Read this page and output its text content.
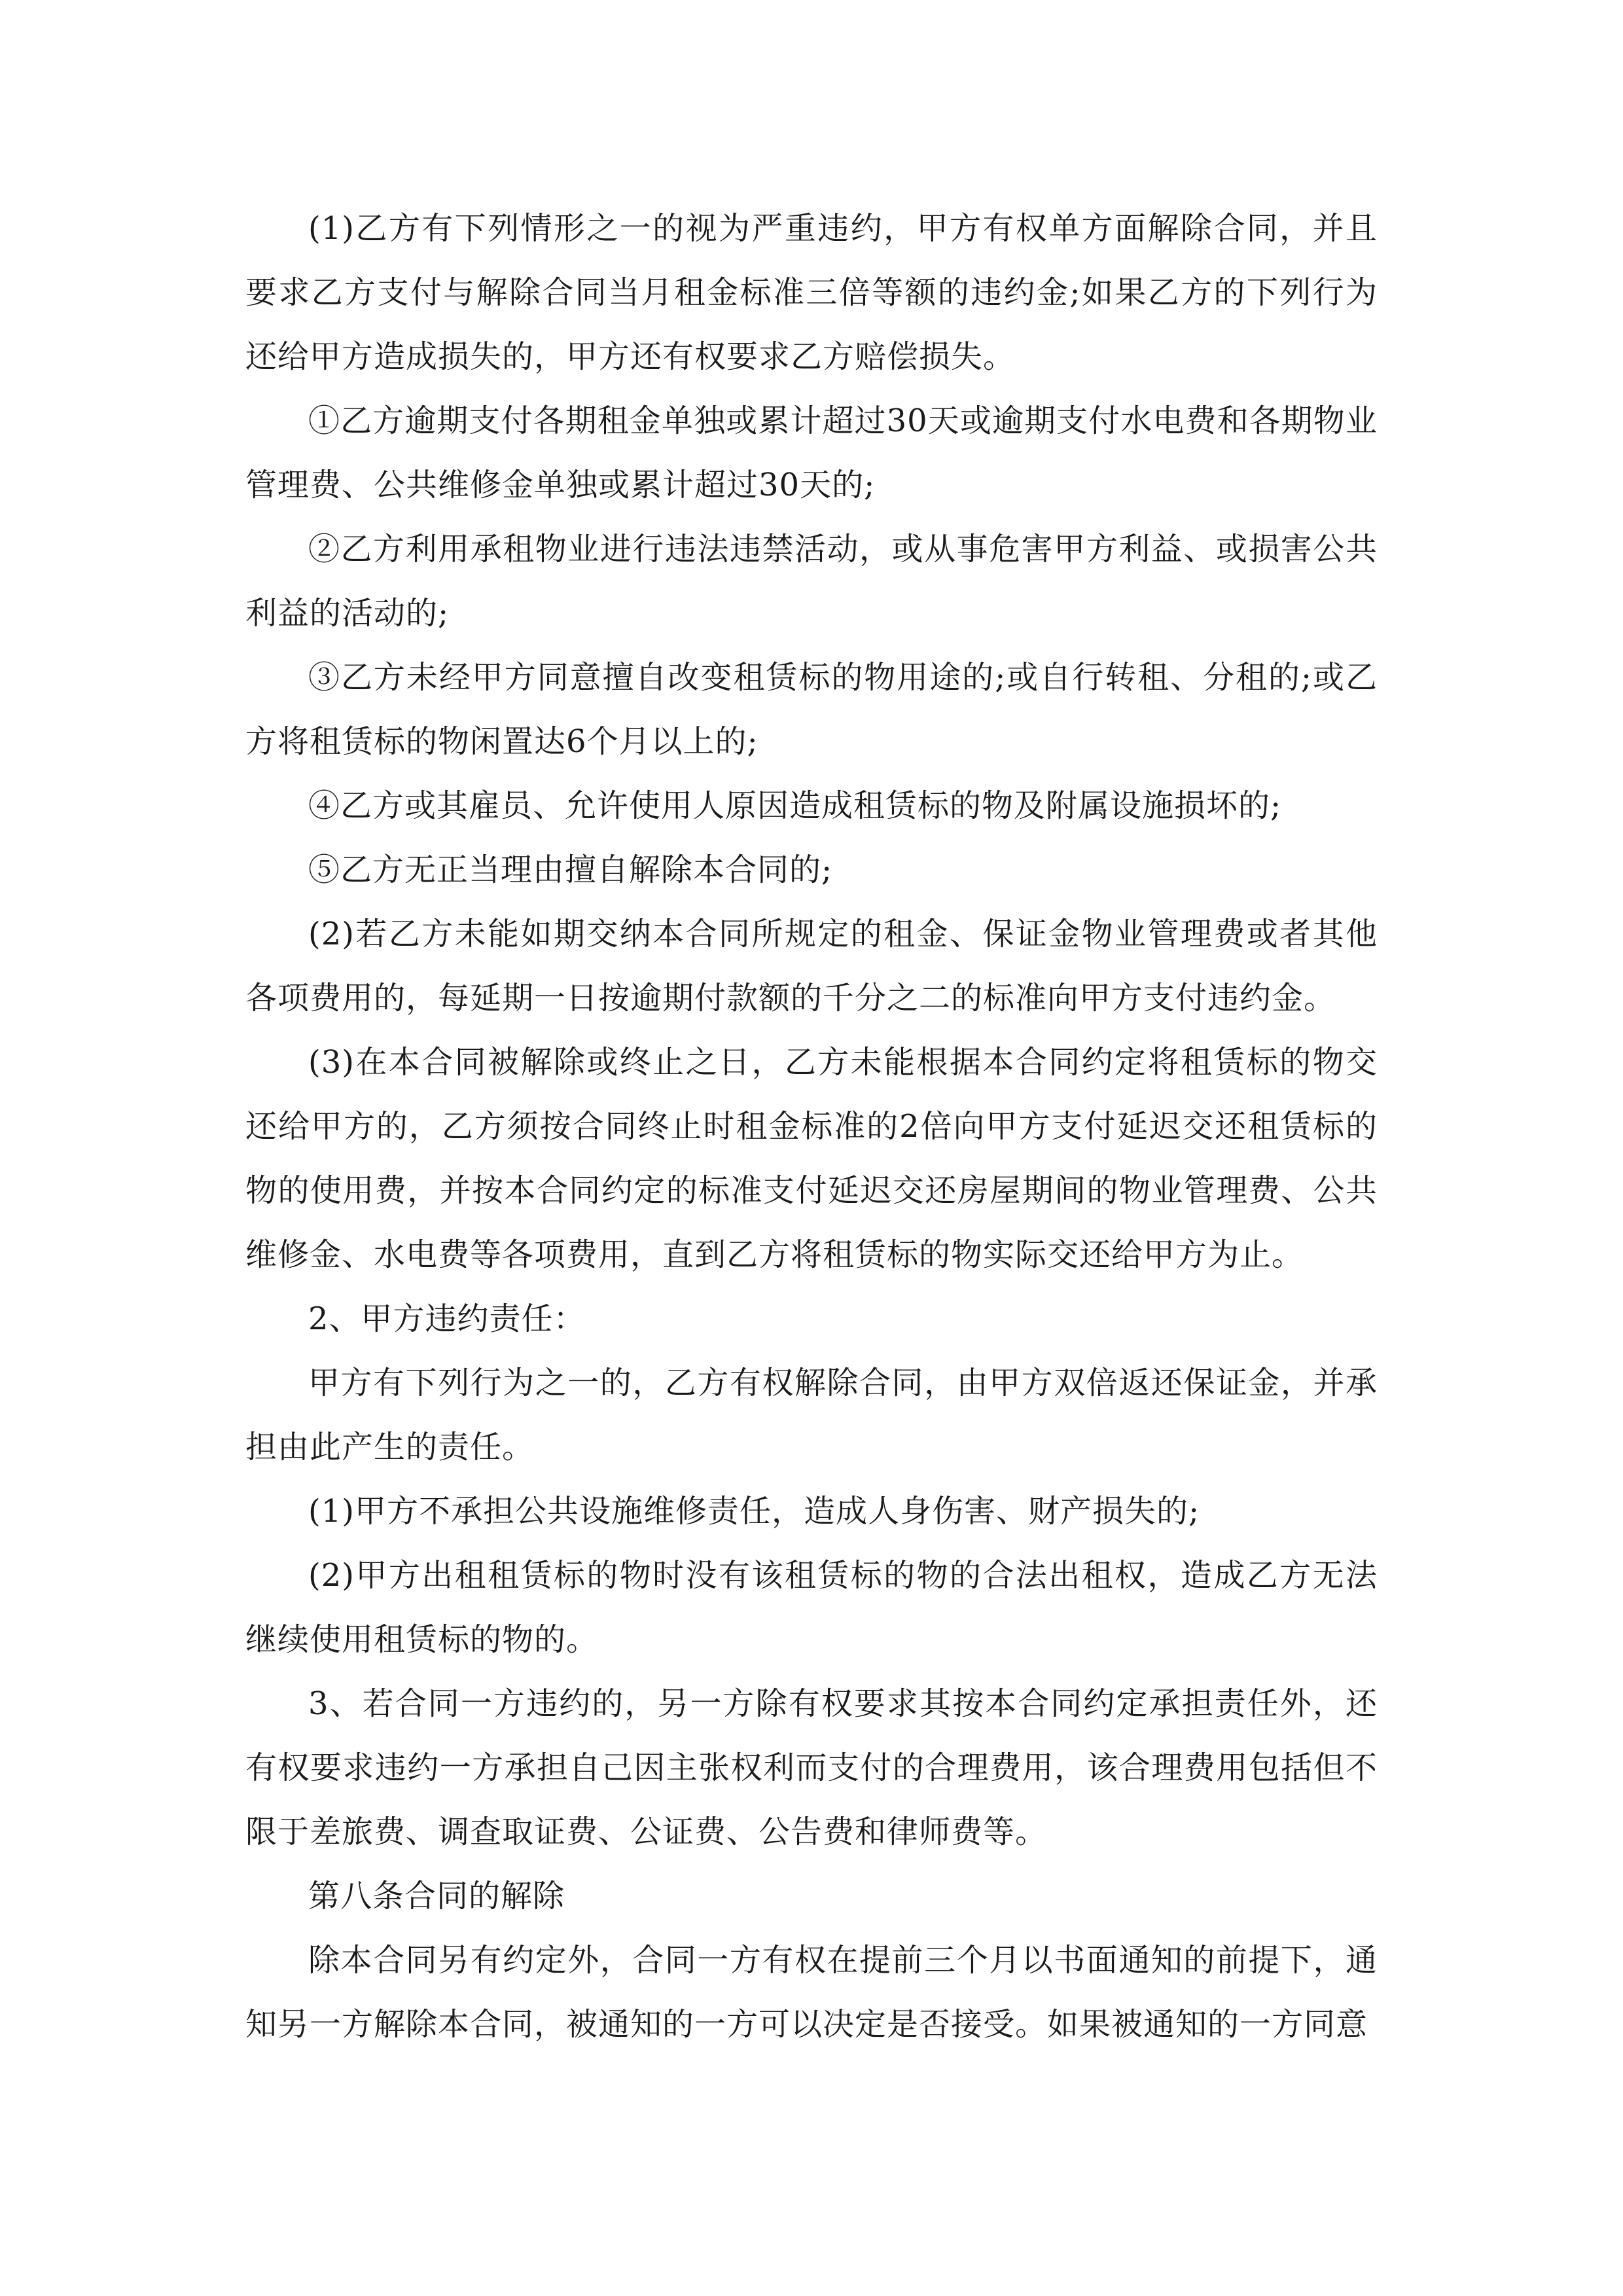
(1)乙方有下列情形之一的视为严重违约，甲方有权单方面解除合同，并且要求乙方支付与解除合同当月租金标准三倍等额的违约金;如果乙方的下列行为还给甲方造成损失的，甲方还有权要求乙方赔偿损失。

①乙方逾期支付各期租金单独或累计超过30天或逾期支付水电费和各期物业管理费、公共维修金单独或累计超过30天的;

②乙方利用承租物业进行违法违禁活动，或从事危害甲方利益、或损害公共利益的活动的;

③乙方未经甲方同意擅自改变租赁标的物用途的;或自行转租、分租的;或乙方将租赁标的物闲置达6个月以上的;

④乙方或其雇员、允许使用人原因造成租赁标的物及附属设施损坏的;

⑤乙方无正当理由擅自解除本合同的;

(2)若乙方未能如期交纳本合同所规定的租金、保证金物业管理费或者其他各项费用的，每延期一日按逾期付款额的千分之二的标准向甲方支付违约金。

(3)在本合同被解除或终止之日，乙方未能根据本合同约定将租赁标的物交还给甲方的，乙方须按合同终止时租金标准的2倍向甲方支付延迟交还租赁标的物的使用费，并按本合同约定的标准支付延迟交还房屋期间的物业管理费、公共维修金、水电费等各项费用，直到乙方将租赁标的物实际交还给甲方为止。

2、甲方违约责任：

甲方有下列行为之一的，乙方有权解除合同，由甲方双倍返还保证金，并承担由此产生的责任。

(1)甲方不承担公共设施维修责任，造成人身伤害、财产损失的;

(2)甲方出租租赁标的物时没有该租赁标的物的合法出租权，造成乙方无法继续使用租赁标的物的。

3、若合同一方违约的，另一方除有权要求其按本合同约定承担责任外，还有权要求违约一方承担自己因主张权利而支付的合理费用，该合理费用包括但不限于差旅费、调查取证费、公证费、公告费和律师费等。

第八条合同的解除

除本合同另有约定外，合同一方有权在提前三个月以书面通知的前提下，通知另一方解除本合同，被通知的一方可以决定是否接受。如果被通知的一方同意
